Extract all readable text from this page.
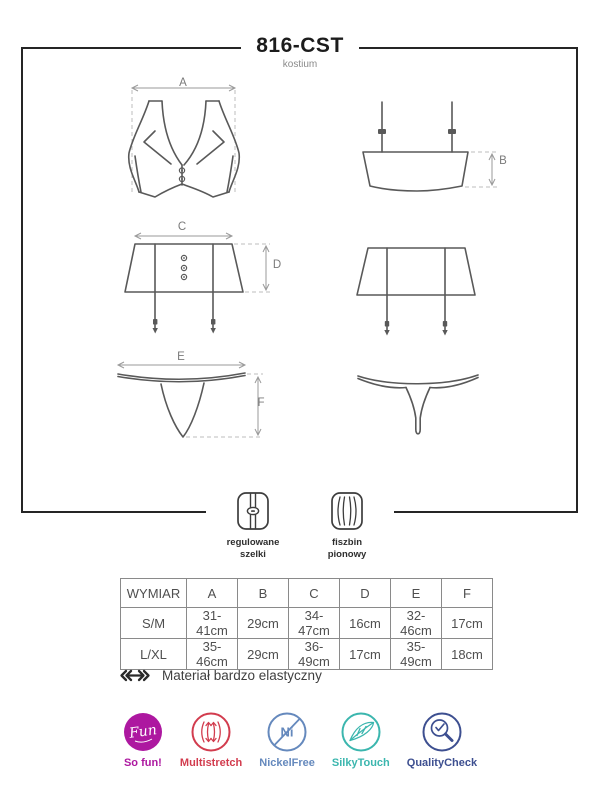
816-CST
kostium
A
B
C
D
E
F
regulowane szelki
fiszbin pionowy
WYMIAR	A	B	C	D	E	F
S/M	31-41cm	29cm	34-47cm	16cm	32-46cm	17cm
L/XL	35-46cm	29cm	36-49cm	17cm	35-49cm	18cm
Materiał bardzo elastyczny
Fun
So fun! Multistretch
Ni
NickelFree SilkyTouch QualityCheck
